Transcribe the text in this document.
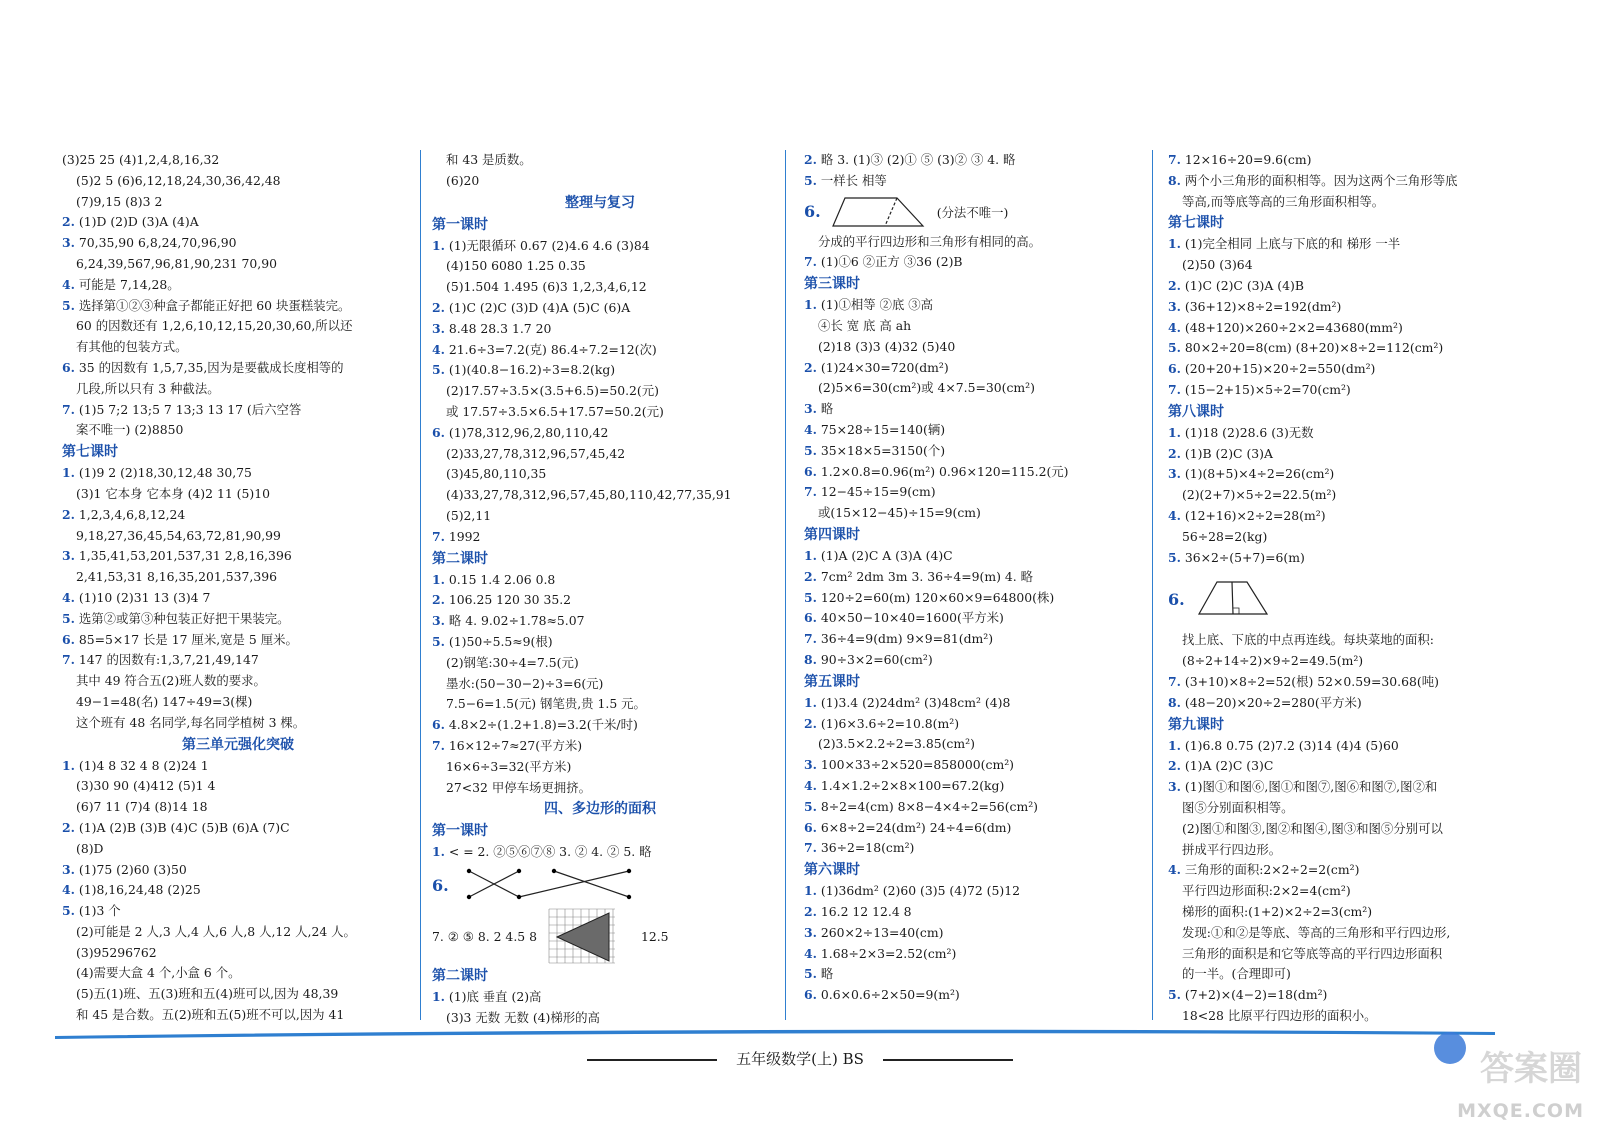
(3)25 25 (4)1,2,4,8,16,32
(5)2 5 (6)6,12,18,24,30,36,42,48
(7)9,15 (8)3 2
2. (1)D (2)D (3)A (4)A
3. 70,35,90 6,8,24,70,96,90
6,24,39,567,96,81,90,231 70,90
4. 可能是 7,14,28。
5. 选择第①②③种盒子都能正好把 60 块蛋糕装完。
60 的因数还有 1,2,6,10,12,15,20,30,60,所以还
有其他的包装方式。
6. 35 的因数有 1,5,7,35,因为是要截成长度相等的
几段,所以只有 3 种截法。
7. (1)5 7;2 13;5 7 13;3 13 17 (后六空答
案不唯一) (2)8850
第七课时
1. (1)9 2 (2)18,30,12,48 30,75
(3)1 它本身 它本身 (4)2 11 (5)10
2. 1,2,3,4,6,8,12,24
9,18,27,36,45,54,63,72,81,90,99
3. 1,35,41,53,201,537,31 2,8,16,396
2,41,53,31 8,16,35,201,537,396
4. (1)10 (2)31 13 (3)4 7
5. 选第②或第③种包装正好把干果装完。
6. 85=5×17 长是 17 厘米,宽是 5 厘米。
7. 147 的因数有:1,3,7,21,49,147
其中 49 符合五(2)班人数的要求。
49−1=48(名) 147÷49=3(棵)
这个班有 48 名同学,每名同学植树 3 棵。
第三单元强化突破
1. (1)4 8 32 4 8 (2)24 1
(3)30 90 (4)412 (5)1 4
(6)7 11 (7)4 (8)14 18
2. (1)A (2)B (3)B (4)C (5)B (6)A (7)C
(8)D
3. (1)75 (2)60 (3)50
4. (1)8,16,24,48 (2)25
5. (1)3 个
(2)可能是 2 人,3 人,4 人,6 人,8 人,12 人,24 人。
(3)95296762
(4)需要大盒 4 个,小盒 6 个。
(5)五(1)班、五(3)班和五(4)班可以,因为 48,39
和 45 是合数。五(2)班和五(5)班不可以,因为 41
和 43 是质数。
(6)20
整理与复习
第一课时
1. (1)无限循环 0.67 (2)4.6 4.6 (3)84
(4)150 6080 1.25 0.35
(5)1.504 1.495 (6)3 1,2,3,4,6,12
2. (1)C (2)C (3)D (4)A (5)C (6)A
3. 8.48 28.3 1.7 20
4. 21.6÷3=7.2(克) 86.4÷7.2=12(次)
5. (1)(40.8−16.2)÷3=8.2(kg)
(2)17.57÷3.5×(3.5+6.5)=50.2(元)
或 17.57÷3.5×6.5+17.57=50.2(元)
6. (1)78,312,96,2,80,110,42
(2)33,27,78,312,96,57,45,42
(3)45,80,110,35
(4)33,27,78,312,96,57,45,80,110,42,77,35,91
(5)2,11
7. 1992
第二课时
1. 0.15 1.4 2.06 0.8
2. 106.25 120 30 35.2
3. 略 4. 9.02÷1.78≈5.07
5. (1)50÷5.5≈9(根)
(2)钢笔:30÷4=7.5(元)
墨水:(50−30−2)÷3=6(元)
7.5−6=1.5(元) 钢笔贵,贵 1.5 元。
6. 4.8×2÷(1.2+1.8)=3.2(千米/时)
7. 16×12÷7≈27(平方米)
16×6÷3=32(平方米)
27<32 甲停车场更拥挤。
四、多边形的面积
第一课时
1. < = 2. ②⑤⑥⑦⑧ 3. ② 4. ② 5. 略
6.
7. ② ⑤ 8. 2 4.5 8	12.5
第二课时
1. (1)底 垂直 (2)高
(3)3 无数 无数 (4)梯形的高
2. 略 3. (1)③ (2)① ⑤ (3)② ③ 4. 略
5. 一样长 相等
6.	(分法不唯一)
分成的平行四边形和三角形有相同的高。
7. (1)①6 ②正方 ③36 (2)B
第三课时
1. (1)①相等 ②底 ③高
④长 宽 底 高 ah
(2)18 (3)3 (4)32 (5)40
2. (1)24×30=720(dm²)
(2)5×6=30(cm²)或 4×7.5=30(cm²)
3. 略
4. 75×28÷15=140(辆)
5. 35×18×5=3150(个)
6. 1.2×0.8=0.96(m²) 0.96×120=115.2(元)
7. 12−45÷15=9(cm)
或(15×12−45)÷15=9(cm)
第四课时
1. (1)A (2)C A (3)A (4)C
2. 7cm² 2dm 3m 3. 36÷4=9(m) 4. 略
5. 120÷2=60(m) 120×60×9=64800(株)
6. 40×50−10×40=1600(平方米)
7. 36÷4=9(dm) 9×9=81(dm²)
8. 90÷3×2=60(cm²)
第五课时
1. (1)3.4 (2)24dm² (3)48cm² (4)8
2. (1)6×3.6÷2=10.8(m²)
(2)3.5×2.2÷2=3.85(cm²)
3. 100×33÷2×520=858000(cm²)
4. 1.4×1.2÷2×8×100=67.2(kg)
5. 8÷2=4(cm) 8×8−4×4÷2=56(cm²)
6. 6×8÷2=24(dm²) 24÷4=6(dm)
7. 36÷2=18(cm²)
第六课时
1. (1)36dm² (2)60 (3)5 (4)72 (5)12
2. 16.2 12 12.4 8
3. 260×2÷13=40(cm)
4. 1.68÷2×3=2.52(cm²)
5. 略
6. 0.6×0.6÷2×50=9(m²)
7. 12×16÷20=9.6(cm)
8. 两个小三角形的面积相等。因为这两个三角形等底
等高,而等底等高的三角形面积相等。
第七课时
1. (1)完全相同 上底与下底的和 梯形 一半
(2)50 (3)64
2. (1)C (2)C (3)A (4)B
3. (36+12)×8÷2=192(dm²)
4. (48+120)×260÷2×2=43680(mm²)
5. 80×2÷20=8(cm) (8+20)×8÷2=112(cm²)
6. (20+20+15)×20÷2=550(dm²)
7. (15−2+15)×5÷2=70(cm²)
第八课时
1. (1)18 (2)28.6 (3)无数
2. (1)B (2)C (3)A
3. (1)(8+5)×4÷2=26(cm²)
(2)(2+7)×5÷2=22.5(m²)
4. (12+16)×2÷2=28(m²)
56÷28=2(kg)
5. 36×2÷(5+7)=6(m)
6.
找上底、下底的中点再连线。每块菜地的面积:
(8÷2+14÷2)×9÷2=49.5(m²)
7. (3+10)×8÷2=52(根) 52×0.59=30.68(吨)
8. (48−20)×20÷2=280(平方米)
第九课时
1. (1)6.8 0.75 (2)7.2 (3)14 (4)4 (5)60
2. (1)A (2)C (3)C
3. (1)图①和图⑥,图①和图⑦,图⑥和图⑦,图②和
图⑤分别面积相等。
(2)图①和图③,图②和图④,图③和图⑤分别可以
拼成平行四边形。
4. 三角形的面积:2×2÷2=2(cm²)
平行四边形面积:2×2=4(cm²)
梯形的面积:(1+2)×2÷2=3(cm²)
发现:①和②是等底、等高的三角形和平行四边形,
三角形的面积是和它等底等高的平行四边形面积
的一半。(合理即可)
5. (7+2)×(4−2)=18(dm²)
18<28 比原平行四边形的面积小。
五年级数学(上) BS	答案圈
MXQE.COM
